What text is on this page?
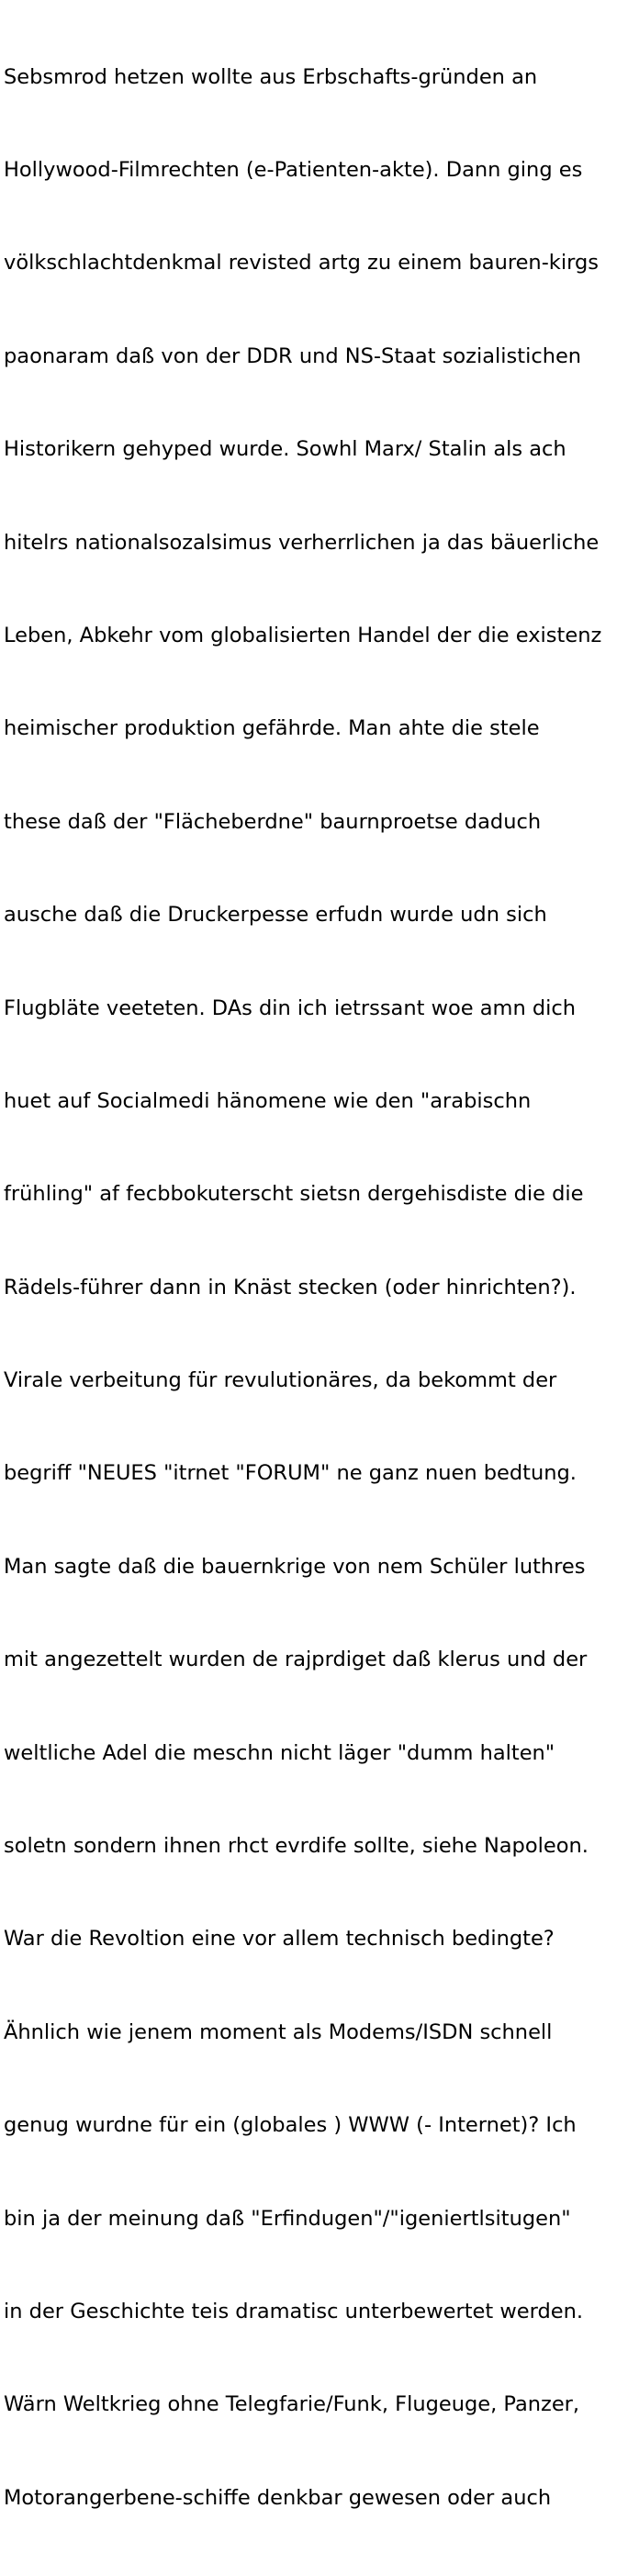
Sebsmrod hetzen wollte aus Erbschafts-gründen an

Hollywood-Filmrechten (e-Patienten-akte). Dann ging es

völkschlachtdenkmal revisted artg zu einem bauren-kirgs

paonaram daß von der DDR und NS-Staat sozialistichen

Historikern gehyped wurde. Sowhl Marx/ Stalin als ach

hitelrs nationalsozalsimus verherrlichen ja das bäuerliche

Leben, Abkehr vom globalisierten Handel der die existenz

heimischer produktion gefährde. Man ahte die stele

these daß der "Flächeberdne" baurnproetse daduch

ausche daß die Druckerpesse erfudn wurde udn sich

Flugbläte veeteten. DAs din ich ietrssant woe amn dich

huet auf Socialmedi hänomene wie den "arabischn

frühling" af fecbbokuterscht sietsn dergehisdiste die die

Rädels-führer dann in Knäst stecken (oder hinrichten?).

Virale verbeitung für revulutionäres, da bekommt der

begriff "NEUES "itrnet "FORUM" ne ganz nuen bedtung.

Man sagte daß die bauernkrige von nem Schüler luthres

mit angezettelt wurden de rajprdiget daß klerus und der

weltliche Adel die meschn nicht läger "dumm halten"

soletn sondern ihnen rhct evrdife sollte, siehe Napoleon.

War die Revoltion eine vor allem technisch bedingte?

Ähnlich wie jenem moment als Modems/ISDN schnell

genug wurdne für ein (globales ) WWW (- Internet)? Ich

bin ja der meinung daß "Erfindugen"/"igeniertlsitugen"

in der Geschichte teis dramatisc unterbewertet werden.

Wärn Weltkrieg ohne Telegfarie/Funk, Flugeuge, Panzer,

Motorangerbene-schiffe denkbar gewesen oder auch
